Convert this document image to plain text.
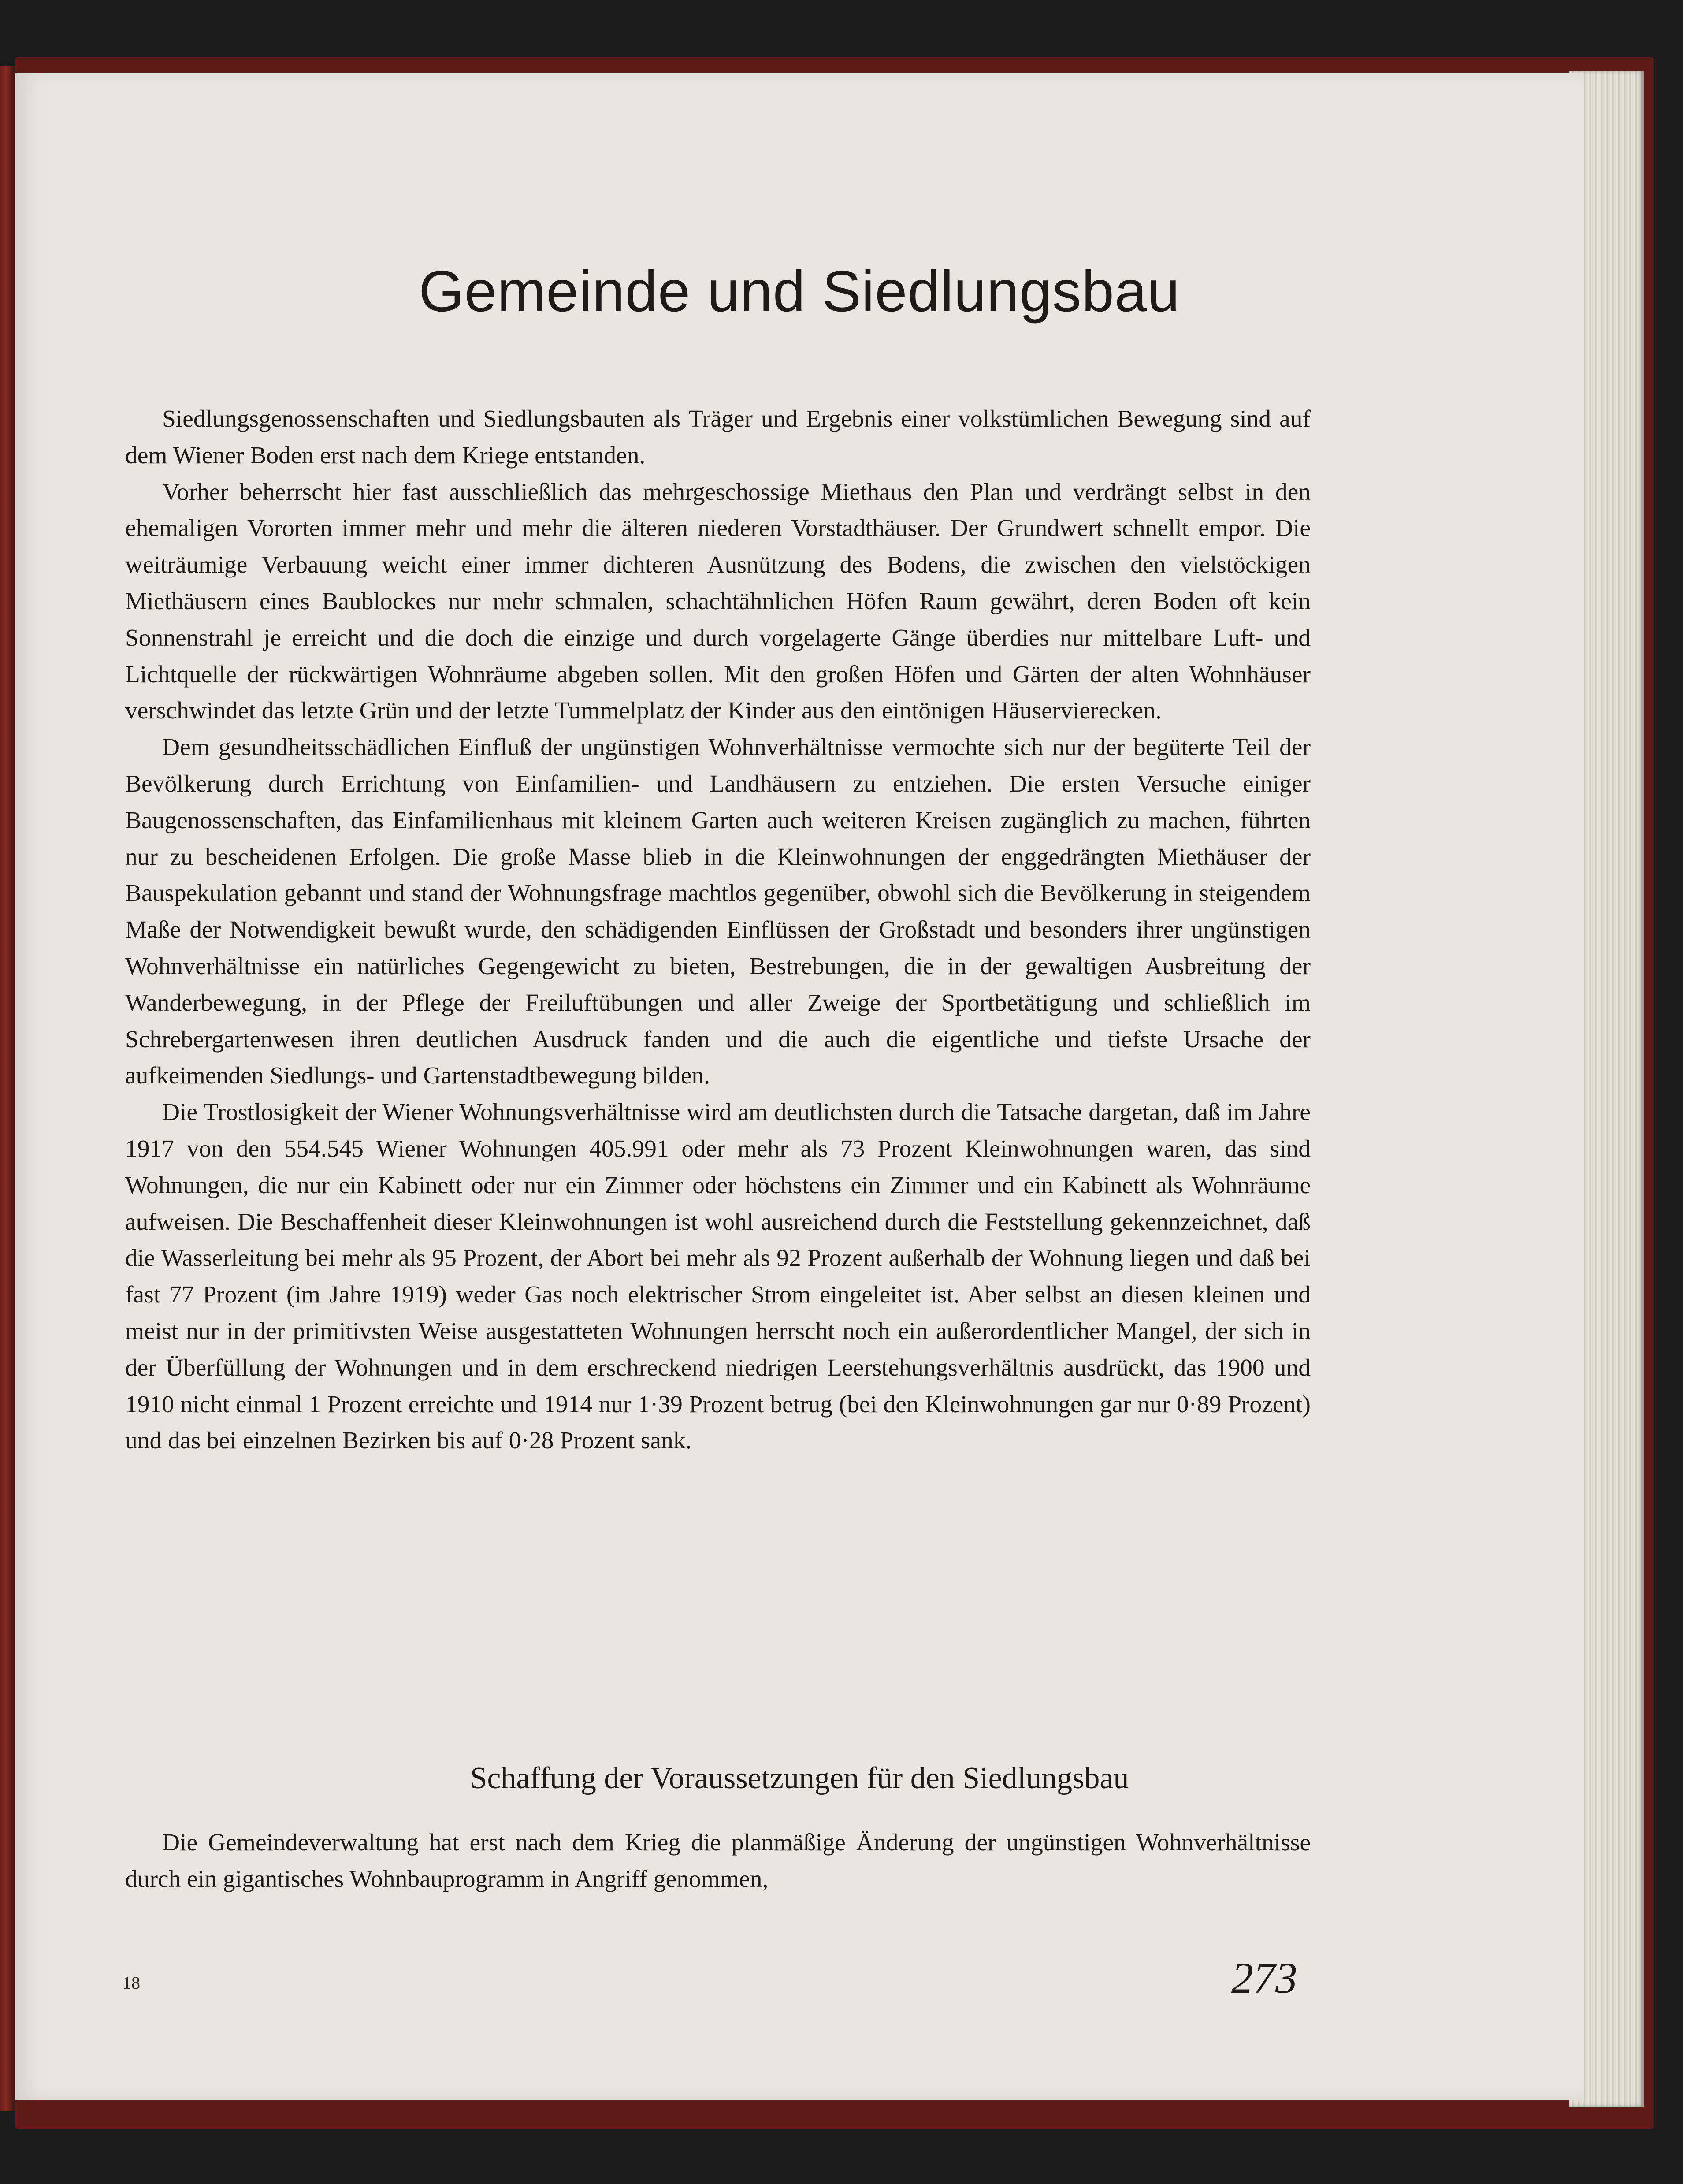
Gemeinde und Siedlungsbau

Siedlungsgenossenschaften und Siedlungsbauten als Träger und Ergebnis einer volkstümlichen Bewegung sind auf dem Wiener Boden erst nach dem Kriege entstanden.

Vorher beherrscht hier fast ausschließlich das mehrgeschossige Miethaus den Plan und verdrängt selbst in den ehemaligen Vororten immer mehr und mehr die älteren niederen Vorstadthäuser. Der Grundwert schnellt empor. Die weiträumige Verbauung weicht einer immer dichteren Ausnützung des Bodens, die zwischen den vielstöckigen Miethäusern eines Baublockes nur mehr schmalen, schachtähnlichen Höfen Raum gewährt, deren Boden oft kein Sonnenstrahl je erreicht und die doch die einzige und durch vorgelagerte Gänge überdies nur mittelbare Luft- und Lichtquelle der rückwärtigen Wohnräume abgeben sollen. Mit den großen Höfen und Gärten der alten Wohnhäuser verschwindet das letzte Grün und der letzte Tummelplatz der Kinder aus den eintönigen Häuservierecken.

Dem gesundheitsschädlichen Einfluß der ungünstigen Wohnverhältnisse vermochte sich nur der begüterte Teil der Bevölkerung durch Errichtung von Einfamilien- und Landhäusern zu entziehen. Die ersten Versuche einiger Baugenossenschaften, das Einfamilienhaus mit kleinem Garten auch weiteren Kreisen zugänglich zu machen, führten nur zu bescheidenen Erfolgen. Die große Masse blieb in die Kleinwohnungen der enggedrängten Miethäuser der Bauspekulation gebannt und stand der Wohnungsfrage machtlos gegenüber, obwohl sich die Bevölkerung in steigendem Maße der Notwendigkeit bewußt wurde, den schädigenden Einflüssen der Großstadt und besonders ihrer ungünstigen Wohnverhältnisse ein natürliches Gegengewicht zu bieten, Bestrebungen, die in der gewaltigen Ausbreitung der Wanderbewegung, in der Pflege der Freiluftübungen und aller Zweige der Sportbetätigung und schließlich im Schrebergartenwesen ihren deutlichen Ausdruck fanden und die auch die eigentliche und tiefste Ursache der aufkeimenden Siedlungs- und Gartenstadtbewegung bilden.

Die Trostlosigkeit der Wiener Wohnungsverhältnisse wird am deutlichsten durch die Tatsache dargetan, daß im Jahre 1917 von den 554.545 Wiener Wohnungen 405.991 oder mehr als 73 Prozent Kleinwohnungen waren, das sind Wohnungen, die nur ein Kabinett oder nur ein Zimmer oder höchstens ein Zimmer und ein Kabinett als Wohnräume aufweisen. Die Beschaffenheit dieser Kleinwohnungen ist wohl ausreichend durch die Feststellung gekennzeichnet, daß die Wasserleitung bei mehr als 95 Prozent, der Abort bei mehr als 92 Prozent außerhalb der Wohnung liegen und daß bei fast 77 Prozent (im Jahre 1919) weder Gas noch elektrischer Strom eingeleitet ist. Aber selbst an diesen kleinen und meist nur in der primitivsten Weise ausgestatteten Wohnungen herrscht noch ein außerordentlicher Mangel, der sich in der Überfüllung der Wohnungen und in dem erschreckend niedrigen Leerstehungsverhältnis ausdrückt, das 1900 und 1910 nicht einmal 1 Prozent erreichte und 1914 nur 1·39 Prozent betrug (bei den Kleinwohnungen gar nur 0·89 Prozent) und das bei einzelnen Bezirken bis auf 0·28 Prozent sank.

Schaffung der Voraussetzungen für den Siedlungsbau

Die Gemeindeverwaltung hat erst nach dem Krieg die planmäßige Änderung der ungünstigen Wohnverhältnisse durch ein gigantisches Wohnbauprogramm in Angriff genommen,

18	273
